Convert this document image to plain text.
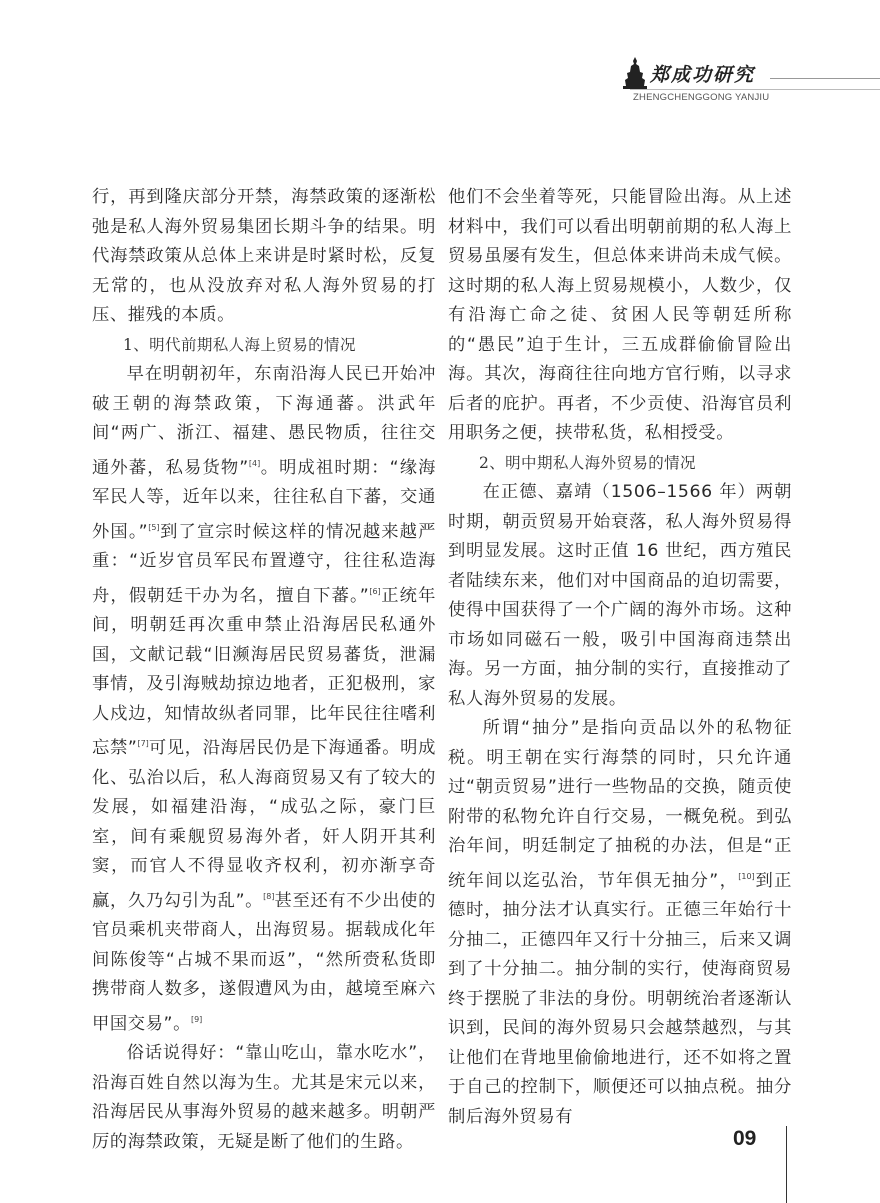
郑成功研究
ZHENGCHENGGONG YANJIU

行，再到隆庆部分开禁，海禁政策的逐渐松弛是私人海外贸易集团长期斗争的结果。明代海禁政策从总体上来讲是时紧时松，反复无常的，也从没放弃对私人海外贸易的打压、摧残的本质。

1、明代前期私人海上贸易的情况

早在明朝初年，东南沿海人民已开始冲破王朝的海禁政策，下海通蕃。洪武年间“两广、浙江、福建、愚民物质，往往交通外蕃，私易货物”[4]。明成祖时期：“缘海军民人等，近年以来，往往私自下蕃，交通外国。”[5]到了宣宗时候这样的情况越来越严重：“近岁官员军民布置遵守，往往私造海舟，假朝廷干办为名，擅自下蕃。”[6]正统年间，明朝廷再次重申禁止沿海居民私通外国，文献记载“旧濒海居民贸易蕃货，泄漏事情，及引海贼劫掠边地者，正犯极刑，家人戍边，知情故纵者同罪，比年民往往嗜利忘禁”[7]可见，沿海居民仍是下海通番。明成化、弘治以后，私人海商贸易又有了较大的发展，如福建沿海，“成弘之际，豪门巨室，间有乘舰贸易海外者，奸人阴开其利窦，而官人不得显收齐权利，初亦渐享奇赢，久乃勾引为乱”。[8]甚至还有不少出使的官员乘机夹带商人，出海贸易。据载成化年间陈俊等“占城不果而返”，“然所赍私货即携带商人数多，遂假遭风为由，越境至麻六甲国交易”。[9]

俗话说得好：“靠山吃山，靠水吃水”，沿海百姓自然以海为生。尤其是宋元以来，沿海居民从事海外贸易的越来越多。明朝严厉的海禁政策，无疑是断了他们的生路。

他们不会坐着等死，只能冒险出海。从上述材料中，我们可以看出明朝前期的私人海上贸易虽屡有发生，但总体来讲尚未成气候。这时期的私人海上贸易规模小，人数少，仅有沿海亡命之徒、贫困人民等朝廷所称的“愚民”迫于生计，三五成群偷偷冒险出海。其次，海商往往向地方官行贿，以寻求后者的庇护。再者，不少贡使、沿海官员利用职务之便，挟带私货，私相授受。

2、明中期私人海外贸易的情况

在正德、嘉靖（1506–1566 年）两朝时期，朝贡贸易开始衰落，私人海外贸易得到明显发展。这时正值 16 世纪，西方殖民者陆续东来，他们对中国商品的迫切需要，使得中国获得了一个广阔的海外市场。这种市场如同磁石一般，吸引中国海商违禁出海。另一方面，抽分制的实行，直接推动了私人海外贸易的发展。

所谓“抽分”是指向贡品以外的私物征税。明王朝在实行海禁的同时，只允许通过“朝贡贸易”进行一些物品的交换，随贡使附带的私物允许自行交易，一概免税。到弘治年间，明廷制定了抽税的办法，但是“正统年间以迄弘治，节年俱无抽分”，[10]到正德时，抽分法才认真实行。正德三年始行十分抽二，正德四年又行十分抽三，后来又调到了十分抽二。抽分制的实行，使海商贸易终于摆脱了非法的身份。明朝统治者逐渐认识到，民间的海外贸易只会越禁越烈，与其让他们在背地里偷偷地进行，还不如将之置于自己的控制下，顺便还可以抽点税。抽分制后海外贸易有

09
